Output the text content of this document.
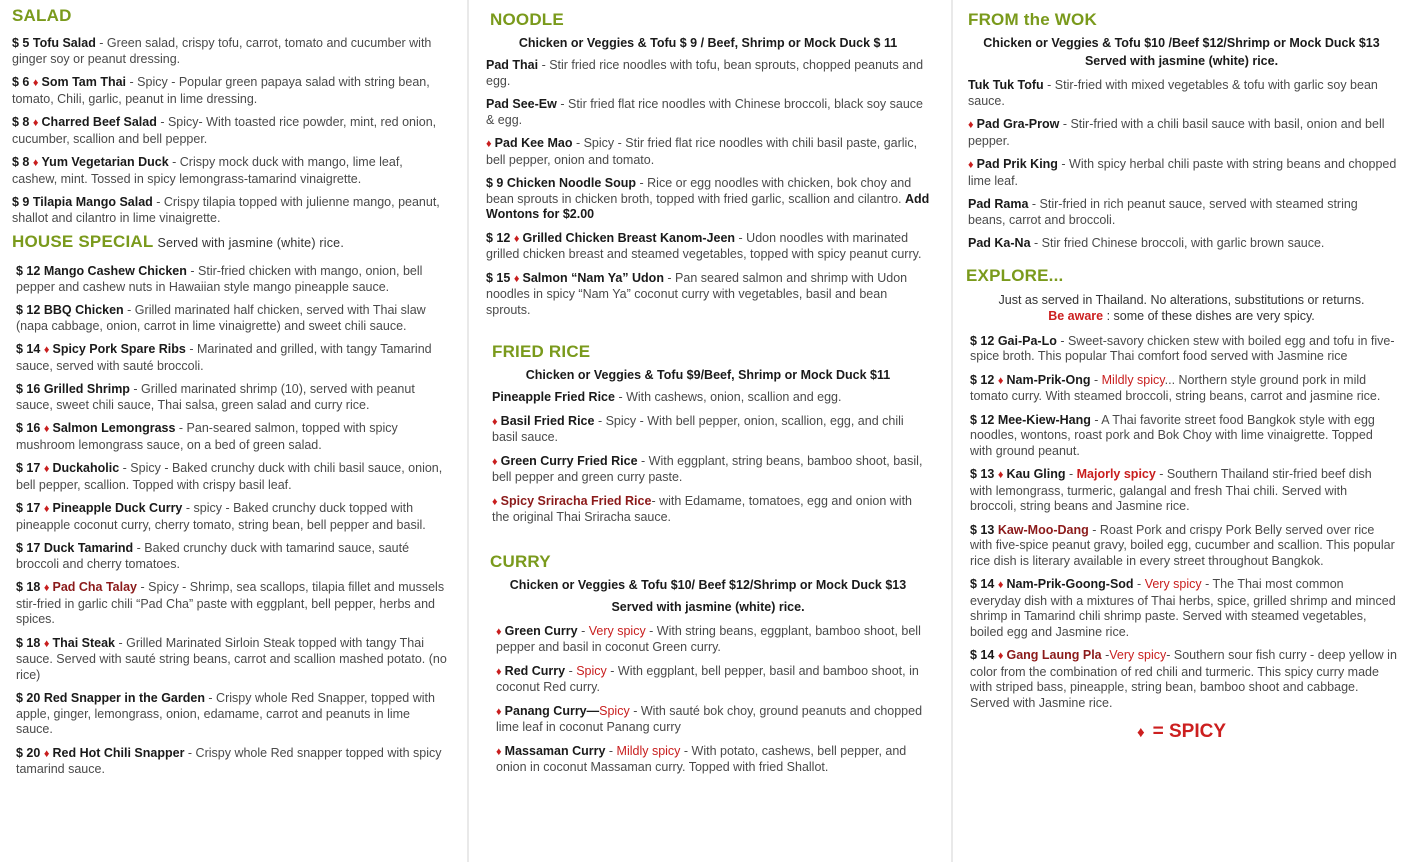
SALAD
$ 5 Tofu Salad - Green salad, crispy tofu, carrot, tomato and cucumber with ginger soy or peanut dressing.
$ 6 ♦ Som Tam Thai - Spicy - Popular green papaya salad with string bean, tomato, Chili, garlic, peanut in lime dressing.
$ 8 ♦ Charred Beef Salad - Spicy- With toasted rice powder, mint, red onion, cucumber, scallion and bell pepper.
$ 8 ♦ Yum Vegetarian Duck - Crispy mock duck with mango, lime leaf, cashew, mint. Tossed in spicy lemongrass-tamarind vinaigrette.
$ 9 Tilapia Mango Salad - Crispy tilapia topped with julienne mango, peanut, shallot and cilantro in lime vinaigrette.
HOUSE SPECIAL Served with jasmine (white) rice.
$ 12 Mango Cashew Chicken - Stir-fried chicken with mango, onion, bell pepper and cashew nuts in Hawaiian style mango pineapple sauce.
$ 12 BBQ Chicken - Grilled marinated half chicken, served with Thai slaw (napa cabbage, onion, carrot in lime vinaigrette) and sweet chili sauce.
$ 14 ♦ Spicy Pork Spare Ribs - Marinated and grilled, with tangy Tamarind sauce, served with sauté broccoli.
$ 16 Grilled Shrimp - Grilled marinated shrimp (10), served with peanut sauce, sweet chili sauce, Thai salsa, green salad and curry rice.
$ 16 ♦ Salmon Lemongrass - Pan-seared salmon, topped with spicy mushroom lemongrass sauce, on a bed of green salad.
$ 17 ♦ Duckaholic - Spicy - Baked crunchy duck with chili basil sauce, onion, bell pepper, scallion. Topped with crispy basil leaf.
$ 17 ♦ Pineapple Duck Curry - spicy - Baked crunchy duck topped with pineapple coconut curry, cherry tomato, string bean, bell pepper and basil.
$ 17 Duck Tamarind - Baked crunchy duck with tamarind sauce, sauté broccoli and cherry tomatoes.
$ 18 ♦ Pad Cha Talay - Spicy - Shrimp, sea scallops, tilapia fillet and mussels stir-fried in garlic chili “Pad Cha” paste with eggplant, bell pepper, herbs and spices.
$ 18 ♦ Thai Steak - Grilled Marinated Sirloin Steak topped with tangy Thai sauce. Served with sauté string beans, carrot and scallion mashed potato. (no rice)
$ 20 Red Snapper in the Garden - Crispy whole Red Snapper, topped with apple, ginger, lemongrass, onion, edamame, carrot and peanuts in lime sauce.
$ 20 ♦ Red Hot Chili Snapper - Crispy whole Red snapper topped with spicy tamarind sauce.
NOODLE
Chicken or Veggies & Tofu $ 9 / Beef, Shrimp or Mock Duck $ 11
Pad Thai - Stir fried rice noodles with tofu, bean sprouts, chopped peanuts and egg.
Pad See-Ew - Stir fried flat rice noodles with Chinese broccoli, black soy sauce & egg.
♦ Pad Kee Mao - Spicy - Stir fried flat rice noodles with chili basil paste, garlic, bell pepper, onion and tomato.
$ 9 Chicken Noodle Soup - Rice or egg noodles with chicken, bok choy and bean sprouts in chicken broth, topped with fried garlic, scallion and cilantro. Add Wontons for $2.00
$ 12 ♦ Grilled Chicken Breast Kanom-Jeen - Udon noodles with marinated grilled chicken breast and steamed vegetables, topped with spicy peanut curry.
$ 15 ♦ Salmon “Nam Ya” Udon - Pan seared salmon and shrimp with Udon noodles in spicy “Nam Ya” coconut curry with vegetables, basil and bean sprouts.
FRIED RICE
Chicken or Veggies & Tofu $9/Beef, Shrimp or Mock Duck $11
Pineapple Fried Rice - With cashews, onion, scallion and egg.
♦ Basil Fried Rice - Spicy - With bell pepper, onion, scallion, egg, and chili basil sauce.
♦ Green Curry Fried Rice - With eggplant, string beans, bamboo shoot, basil, bell pepper and green curry paste.
♦ Spicy Sriracha Fried Rice- with Edamame, tomatoes, egg and onion with the original Thai Sriracha sauce.
CURRY
Chicken or Veggies & Tofu $10/ Beef $12/Shrimp or Mock Duck $13
Served with jasmine (white) rice.
♦ Green Curry - Very spicy - With string beans, eggplant, bamboo shoot, bell pepper and basil in coconut Green curry.
♦ Red Curry - Spicy - With eggplant, bell pepper, basil and bamboo shoot, in coconut Red curry.
♦ Panang Curry—Spicy - With sauté bok choy, ground peanuts and chopped lime leaf in coconut Panang curry
♦ Massaman Curry - Mildly spicy - With potato, cashews, bell pepper, and onion in coconut Massaman curry. Topped with fried Shallot.
FROM the WOK
Chicken or Veggies & Tofu $10 /Beef $12/Shrimp or Mock Duck $13
Served with jasmine (white) rice.
Tuk Tuk Tofu - Stir-fried with mixed vegetables & tofu with garlic soy bean sauce.
♦ Pad Gra-Prow - Stir-fried with a chili basil sauce with basil, onion and bell pepper.
♦ Pad Prik King - With spicy herbal chili paste with string beans and chopped lime leaf.
Pad Rama - Stir-fried in rich peanut sauce, served with steamed string beans, carrot and broccoli.
Pad Ka-Na - Stir fried Chinese broccoli, with garlic brown sauce.
EXPLORE...
Just as served in Thailand. No alterations, substitutions or returns.
Be aware : some of these dishes are very spicy.
$ 12 Gai-Pa-Lo - Sweet-savory chicken stew with boiled egg and tofu in five-spice broth. This popular Thai comfort food served with Jasmine rice
$ 12 ♦ Nam-Prik-Ong - Mildly spicy... Northern style ground pork in mild tomato curry. With steamed broccoli, string beans, carrot and jasmine rice.
$ 12 Mee-Kiew-Hang - A Thai favorite street food Bangkok style with egg noodles, wontons, roast pork and Bok Choy with lime vinaigrette. Topped with ground peanut.
$ 13 ♦ Kau Gling - Majorly spicy - Southern Thailand stir-fried beef dish with lemongrass, turmeric, galangal and fresh Thai chili. Served with broccoli, string beans and Jasmine rice.
$ 13 Kaw-Moo-Dang - Roast Pork and crispy Pork Belly served over rice with five-spice peanut gravy, boiled egg, cucumber and scallion. This popular rice dish is literary available in every street throughout Bangkok.
$ 14 ♦ Nam-Prik-Goong-Sod - Very spicy - The Thai most common everyday dish with a mixtures of Thai herbs, spice, grilled shrimp and minced shrimp in Tamarind chili shrimp paste. Served with steamed vegetables, boiled egg and Jasmine rice.
$ 14 ♦ Gang Laung Pla -Very spicy- Southern sour fish curry - deep yellow in color from the combination of red chili and turmeric. This spicy curry made with striped bass, pineapple, string bean, bamboo shoot and cabbage. Served with Jasmine rice.
♦ = SPICY
